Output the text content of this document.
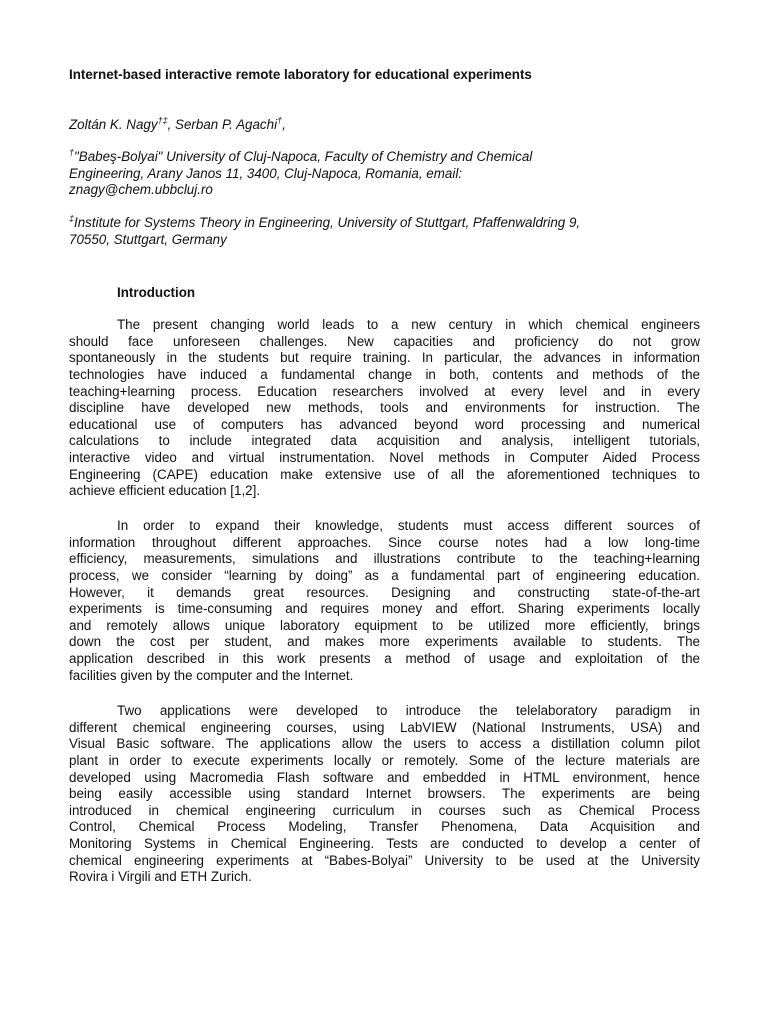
Internet-based interactive remote laboratory for educational experiments
Zoltán K. Nagy†‡, Serban P. Agachi†,
†"Babeş-Bolyai" University of Cluj-Napoca, Faculty of Chemistry and Chemical
Engineering, Arany Janos 11, 3400, Cluj-Napoca, Romania, email:
znagy@chem.ubbcluj.ro
‡Institute for Systems Theory in Engineering, University of Stuttgart, Pfaffenwaldring 9,
70550, Stuttgart, Germany
Introduction
The present changing world leads to a new century in which chemical engineers
should face unforeseen challenges. New capacities and proficiency do not grow
spontaneously in the students but require training. In particular, the advances in information
technologies have induced a fundamental change in both, contents and methods of the
teaching+learning process. Education researchers involved at every level and in every
discipline have developed new methods, tools and environments for instruction. The
educational use of computers has advanced beyond word processing and numerical
calculations to include integrated data acquisition and analysis, intelligent tutorials,
interactive video and virtual instrumentation. Novel methods in Computer Aided Process
Engineering (CAPE) education make extensive use of all the aforementioned techniques to
achieve efficient education [1,2].
In order to expand their knowledge, students must access different sources of
information throughout different approaches. Since course notes had a low long-time
efficiency, measurements, simulations and illustrations contribute to the teaching+learning
process, we consider “learning by doing” as a fundamental part of engineering education.
However, it demands great resources. Designing and constructing state-of-the-art
experiments is time-consuming and requires money and effort. Sharing experiments locally
and remotely allows unique laboratory equipment to be utilized more efficiently, brings
down the cost per student, and makes more experiments available to students. The
application described in this work presents a method of usage and exploitation of the
facilities given by the computer and the Internet.
Two applications were developed to introduce the telelaboratory paradigm in
different chemical engineering courses, using LabVIEW (National Instruments, USA) and
Visual Basic software. The applications allow the users to access a distillation column pilot
plant in order to execute experiments locally or remotely. Some of the lecture materials are
developed using Macromedia Flash software and embedded in HTML environment, hence
being easily accessible using standard Internet browsers. The experiments are being
introduced in chemical engineering curriculum in courses such as Chemical Process
Control, Chemical Process Modeling, Transfer Phenomena, Data Acquisition and
Monitoring Systems in Chemical Engineering. Tests are conducted to develop a center of
chemical engineering experiments at “Babes-Bolyai” University to be used at the University
Rovira i Virgili and ETH Zurich.
